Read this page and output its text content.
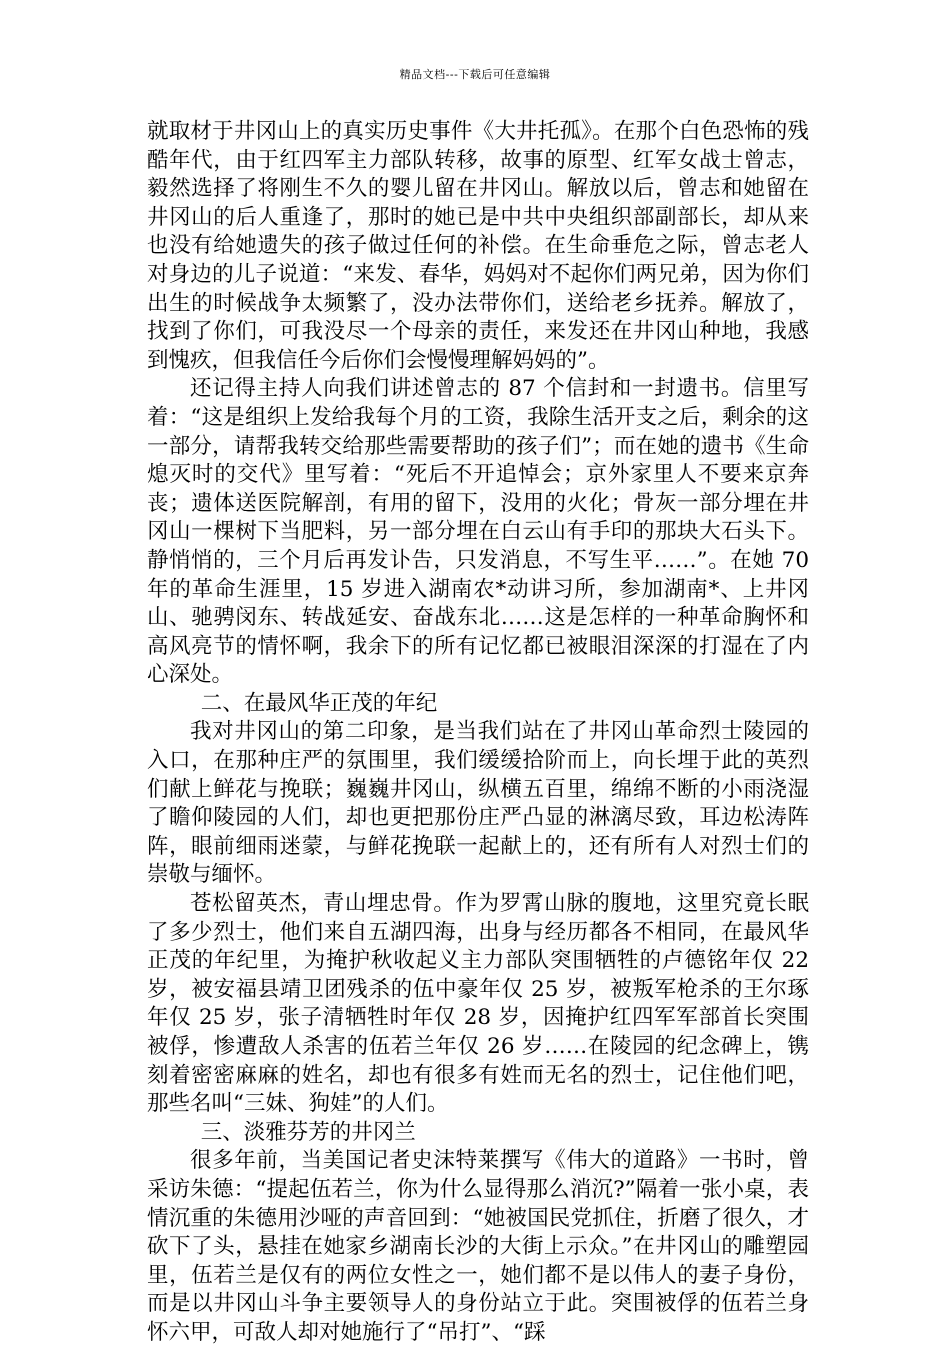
精品文档---下载后可任意编辑

就取材于井冈山上的真实历史事件《大井托孤》。在那个白色恐怖的残酷年代，由于红四军主力部队转移，故事的原型、红军女战士曾志，毅然选择了将刚生不久的婴儿留在井冈山。解放以后，曾志和她留在井冈山的后人重逢了，那时的她已是中共中央组织部副部长，却从来也没有给她遗失的孩子做过任何的补偿。在生命垂危之际，曾志老人对身边的儿子说道：“来发、春华，妈妈对不起你们两兄弟，因为你们出生的时候战争太频繁了，没办法带你们，送给老乡抚养。解放了，找到了你们，可我没尽一个母亲的责任，来发还在井冈山种地，我感到愧疚，但我信任今后你们会慢慢理解妈妈的”。

还记得主持人向我们讲述曾志的 87 个信封和一封遗书。信里写着：“这是组织上发给我每个月的工资，我除生活开支之后，剩余的这一部分，请帮我转交给那些需要帮助的孩子们”；而在她的遗书《生命熄灭时的交代》里写着：“死后不开追悼会；京外家里人不要来京奔丧；遗体送医院解剖，有用的留下，没用的火化；骨灰一部分埋在井冈山一棵树下当肥料，另一部分埋在白云山有手印的那块大石头下。静悄悄的，三个月后再发讣告，只发消息，不写生平……”。在她 70 年的革命生涯里，15 岁进入湖南农*动讲习所，参加湖南*、上井冈山、驰骋闵东、转战延安、奋战东北……这是怎样的一种革命胸怀和高风亮节的情怀啊，我余下的所有记忆都已被眼泪深深的打湿在了内心深处。

二、在最风华正茂的年纪

我对井冈山的第二印象，是当我们站在了井冈山革命烈士陵园的入口，在那种庄严的氛围里，我们缓缓拾阶而上，向长埋于此的英烈们献上鲜花与挽联；巍巍井冈山，纵横五百里，绵绵不断的小雨浇湿了瞻仰陵园的人们，却也更把那份庄严凸显的淋漓尽致，耳边松涛阵阵，眼前细雨迷蒙，与鲜花挽联一起献上的，还有所有人对烈士们的崇敬与缅怀。

苍松留英杰，青山埋忠骨。作为罗霄山脉的腹地，这里究竟长眠了多少烈士，他们来自五湖四海，出身与经历都各不相同，在最风华正茂的年纪里，为掩护秋收起义主力部队突围牺牲的卢德铭年仅 22 岁，被安福县靖卫团残杀的伍中豪年仅 25 岁，被叛军枪杀的王尔琢年仅 25 岁，张子清牺牲时年仅 28 岁，因掩护红四军军部首长突围被俘，惨遭敌人杀害的伍若兰年仅 26 岁……在陵园的纪念碑上，镌刻着密密麻麻的姓名，却也有很多有姓而无名的烈士，记住他们吧，那些名叫“三妹、狗娃”的人们。

三、淡雅芬芳的井冈兰

很多年前，当美国记者史沫特莱撰写《伟大的道路》一书时，曾采访朱德：“提起伍若兰，你为什么显得那么消沉?”隔着一张小桌，表情沉重的朱德用沙哑的声音回到：“她被国民党抓住，折磨了很久，才砍下了头，悬挂在她家乡湖南长沙的大街上示众。”在井冈山的雕塑园里，伍若兰是仅有的两位女性之一，她们都不是以伟人的妻子身份，而是以井冈山斗争主要领导人的身份站立于此。突围被俘的伍若兰身怀六甲，可敌人却对她施行了“吊打”、“踩
